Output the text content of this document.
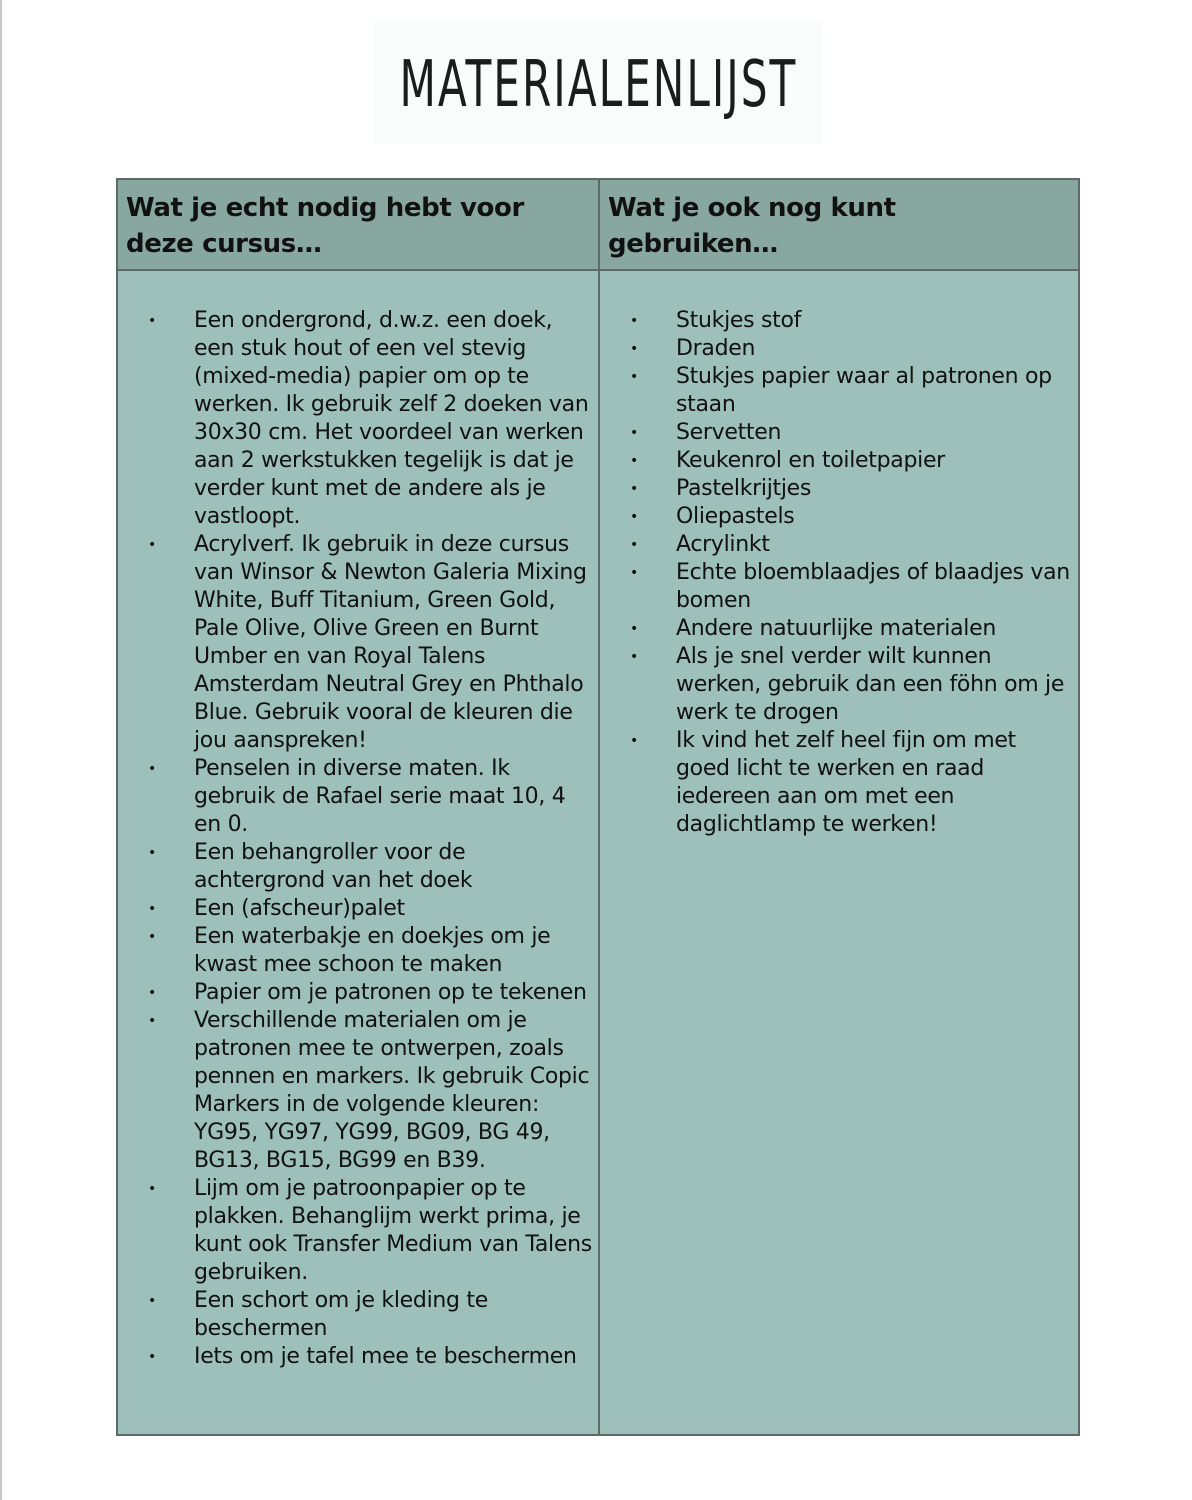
MATERIALENLIJST
Wat je echt nodig hebt voor deze cursus…
Wat je ook nog kunt gebruiken…
• Een ondergrond, d.w.z. een doek, een stuk hout of een vel stevig (mixed-media) papier om op te werken. Ik gebruik zelf 2 doeken van 30x30 cm. Het voordeel van werken aan 2 werkstukken tegelijk is dat je verder kunt met de andere als je vastloopt.
• Acrylverf. Ik gebruik in deze cursus van Winsor & Newton Galeria Mixing White, Buff Titanium, Green Gold, Pale Olive, Olive Green en Burnt Umber en van Royal Talens Amsterdam Neutral Grey en Phthalo Blue. Gebruik vooral de kleuren die jou aanspreken!
• Penselen in diverse maten. Ik gebruik de Rafael serie maat 10, 4 en 0.
• Een behangroller voor de achtergrond van het doek
• Een (afscheur)palet
• Een waterbakje en doekjes om je kwast mee schoon te maken
• Papier om je patronen op te tekenen
• Verschillende materialen om je patronen mee te ontwerpen, zoals pennen en markers. Ik gebruik Copic Markers in de volgende kleuren: YG95, YG97, YG99, BG09, BG 49, BG13, BG15, BG99 en B39.
• Lijm om je patroonpapier op te plakken. Behanglijm werkt prima, je kunt ook Transfer Medium van Talens gebruiken.
• Een schort om je kleding te beschermen
• Iets om je tafel mee te beschermen
• Stukjes stof
• Draden
• Stukjes papier waar al patronen op staan
• Servetten
• Keukenrol en toiletpapier
• Pastelkrijtjes
• Oliepastels
• Acrylinkt
• Echte bloemblaadjes of blaadjes van bomen
• Andere natuurlijke materialen
• Als je snel verder wilt kunnen werken, gebruik dan een föhn om je werk te drogen
• Ik vind het zelf heel fijn om met goed licht te werken en raad iedereen aan om met een daglichtlamp te werken!
